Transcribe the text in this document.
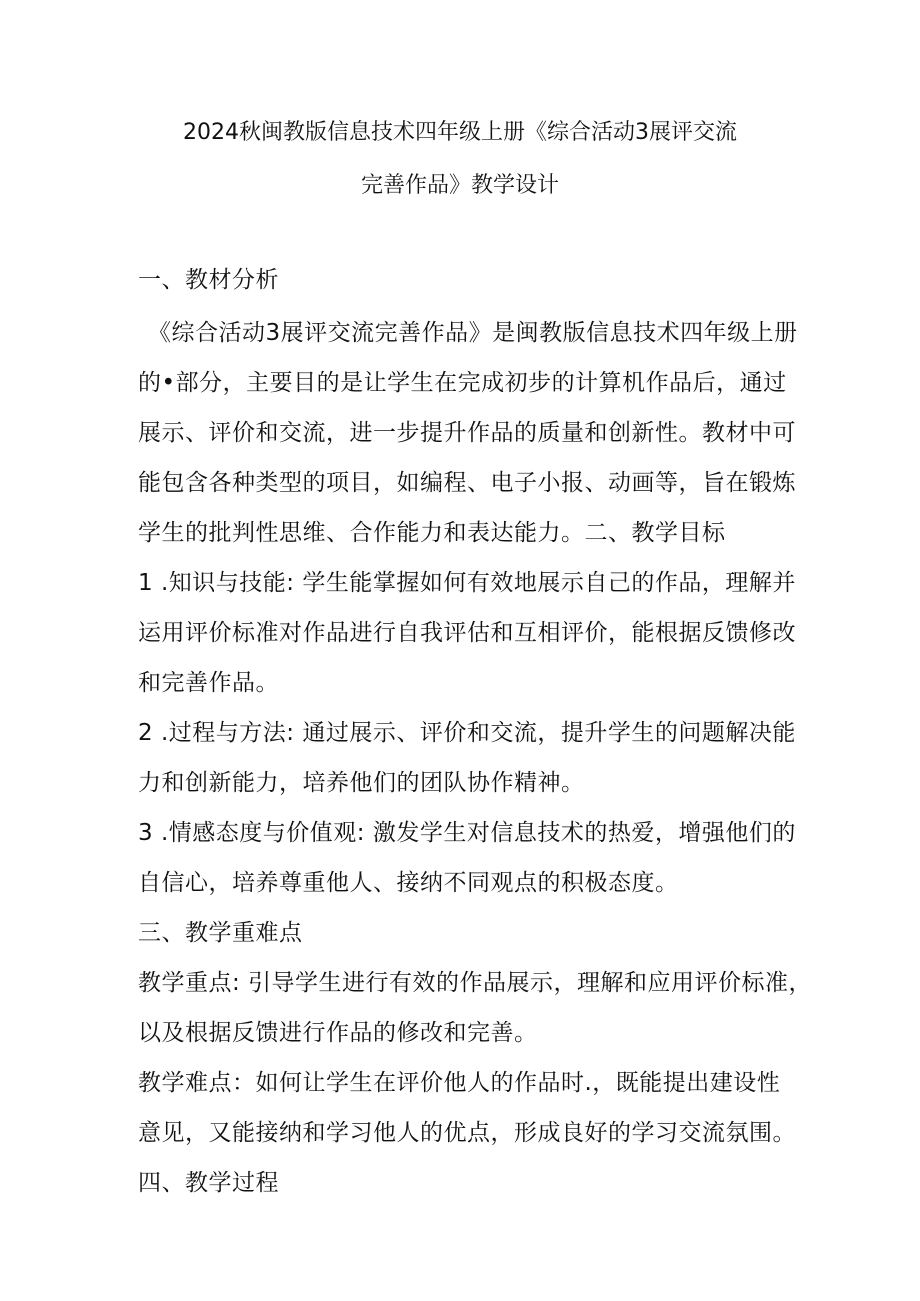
2024秋闽教版信息技术四年级上册《综合活动3展评交流
完善作品》教学设计
一、教材分析
《综合活动3展评交流完善作品》是闽教版信息技术四年级上册
的•部分，主要目的是让学生在完成初步的计算机作品后，通过
展示、评价和交流，进一步提升作品的质量和创新性。教材中可
能包含各种类型的项目，如编程、电子小报、动画等，旨在锻炼
学生的批判性思维、合作能力和表达能力。二、教学目标
1 .知识与技能: 学生能掌握如何有效地展示自己的作品，理解并
运用评价标准对作品进行自我评估和互相评价，能根据反馈修改
和完善作品。
2 .过程与方法: 通过展示、评价和交流，提升学生的问题解决能
力和创新能力，培养他们的团队协作精神。
3 .情感态度与价值观: 激发学生对信息技术的热爱，增强他们的
自信心，培养尊重他人、接纳不同观点的积极态度。
三、教学重难点
教学重点: 引导学生进行有效的作品展示，理解和应用评价标准，
以及根据反馈进行作品的修改和完善。
教学难点：如何让学生在评价他人的作品时.，既能提出建设性
意见，又能接纳和学习他人的优点，形成良好的学习交流氛围。
四、教学过程
